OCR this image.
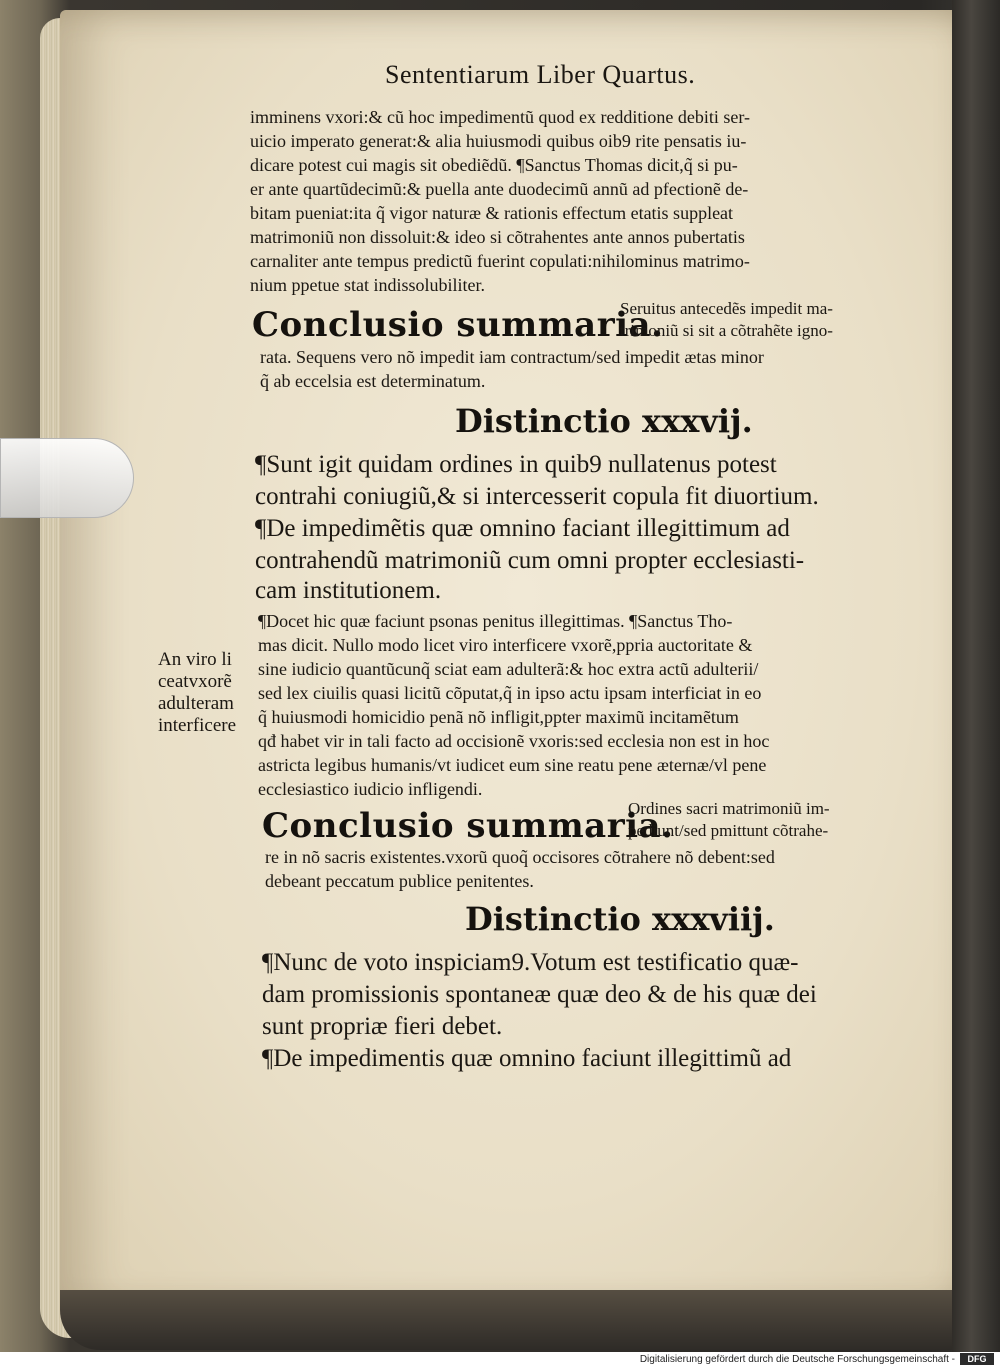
Sententiarum Liber Quartus.
imminens vxori:& cũ hoc impedimentũ quod ex redditione debiti ser-
uicio imperato generat:& alia huiusmodi quibus oib9 rite pensatis iu-
dicare potest cui magis sit obediẽdũ. ¶Sanctus Thomas dicit,q̃ si pu-
er ante quartũdecimũ:& puella ante duodecimũ annũ ad pfectionẽ de-
bitam pueniat:ita q̃ vigor naturæ & rationis effectum etatis suppleat
matrimoniũ non dissoluit:& ideo si cõtrahentes ante annos pubertatis
carnaliter ante tempus predictũ fuerint copulati:nihilominus matrimo-
nium ppetue stat indissolubiliter.
Conclusio summaria.
Seruitus antecedẽs impedit ma-
trimoniũ si sit a cõtrahẽte igno-
rata. Sequens vero nõ impedit iam contractum/sed impedit ætas minor
q̃ ab eccelsia est determinatum.
Distinctio xxxvij.
¶Sunt igit quidam ordines in quib9 nullatenus potest
contrahi coniugiũ,& si intercesserit copula fit diuortium.
¶De impedimẽtis quæ omnino faciant illegittimum ad
contrahendũ matrimoniũ cum omni propter ecclesiasti-
cam institutionem.
¶Docet hic quæ faciunt psonas penitus illegittimas. ¶Sanctus Tho-
mas dicit. Nullo modo licet viro interficere vxorẽ,ppria auctoritate &
sine iudicio quantũcunq̃ sciat eam adulterã:& hoc extra actũ adulterii/
sed lex ciuilis quasi licitũ cõputat,q̃ in ipso actu ipsam interficiat in eo
q̃ huiusmodi homicidio penã nõ infligit,ppter maximũ incitamẽtum
qđ habet vir in tali facto ad occisionẽ vxoris:sed ecclesia non est in hoc
astricta legibus humanis/vt iudicet eum sine reatu pene æternæ/vl pene
ecclesiastico iudicio infligendi.
An viro li
ceatvxorẽ
adulteram
interficere
Conclusio summaria.
Ordines sacri matrimoniũ im-
pediunt/sed pmittunt cõtrahe-
re in nõ sacris existentes.vxorũ quoq̃ occisores cõtrahere nõ debent:sed
debeant peccatum publice penitentes.
Distinctio xxxviij.
¶Nunc de voto inspiciam9.Votum est testificatio quæ-
dam promissionis spontaneæ quæ deo & de his quæ dei
sunt propriæ fieri debet.
¶De impedimentis quæ omnino faciunt illegittimũ ad
Digitalisierung gefördert durch die Deutsche Forschungsgemeinschaft -	DFG
